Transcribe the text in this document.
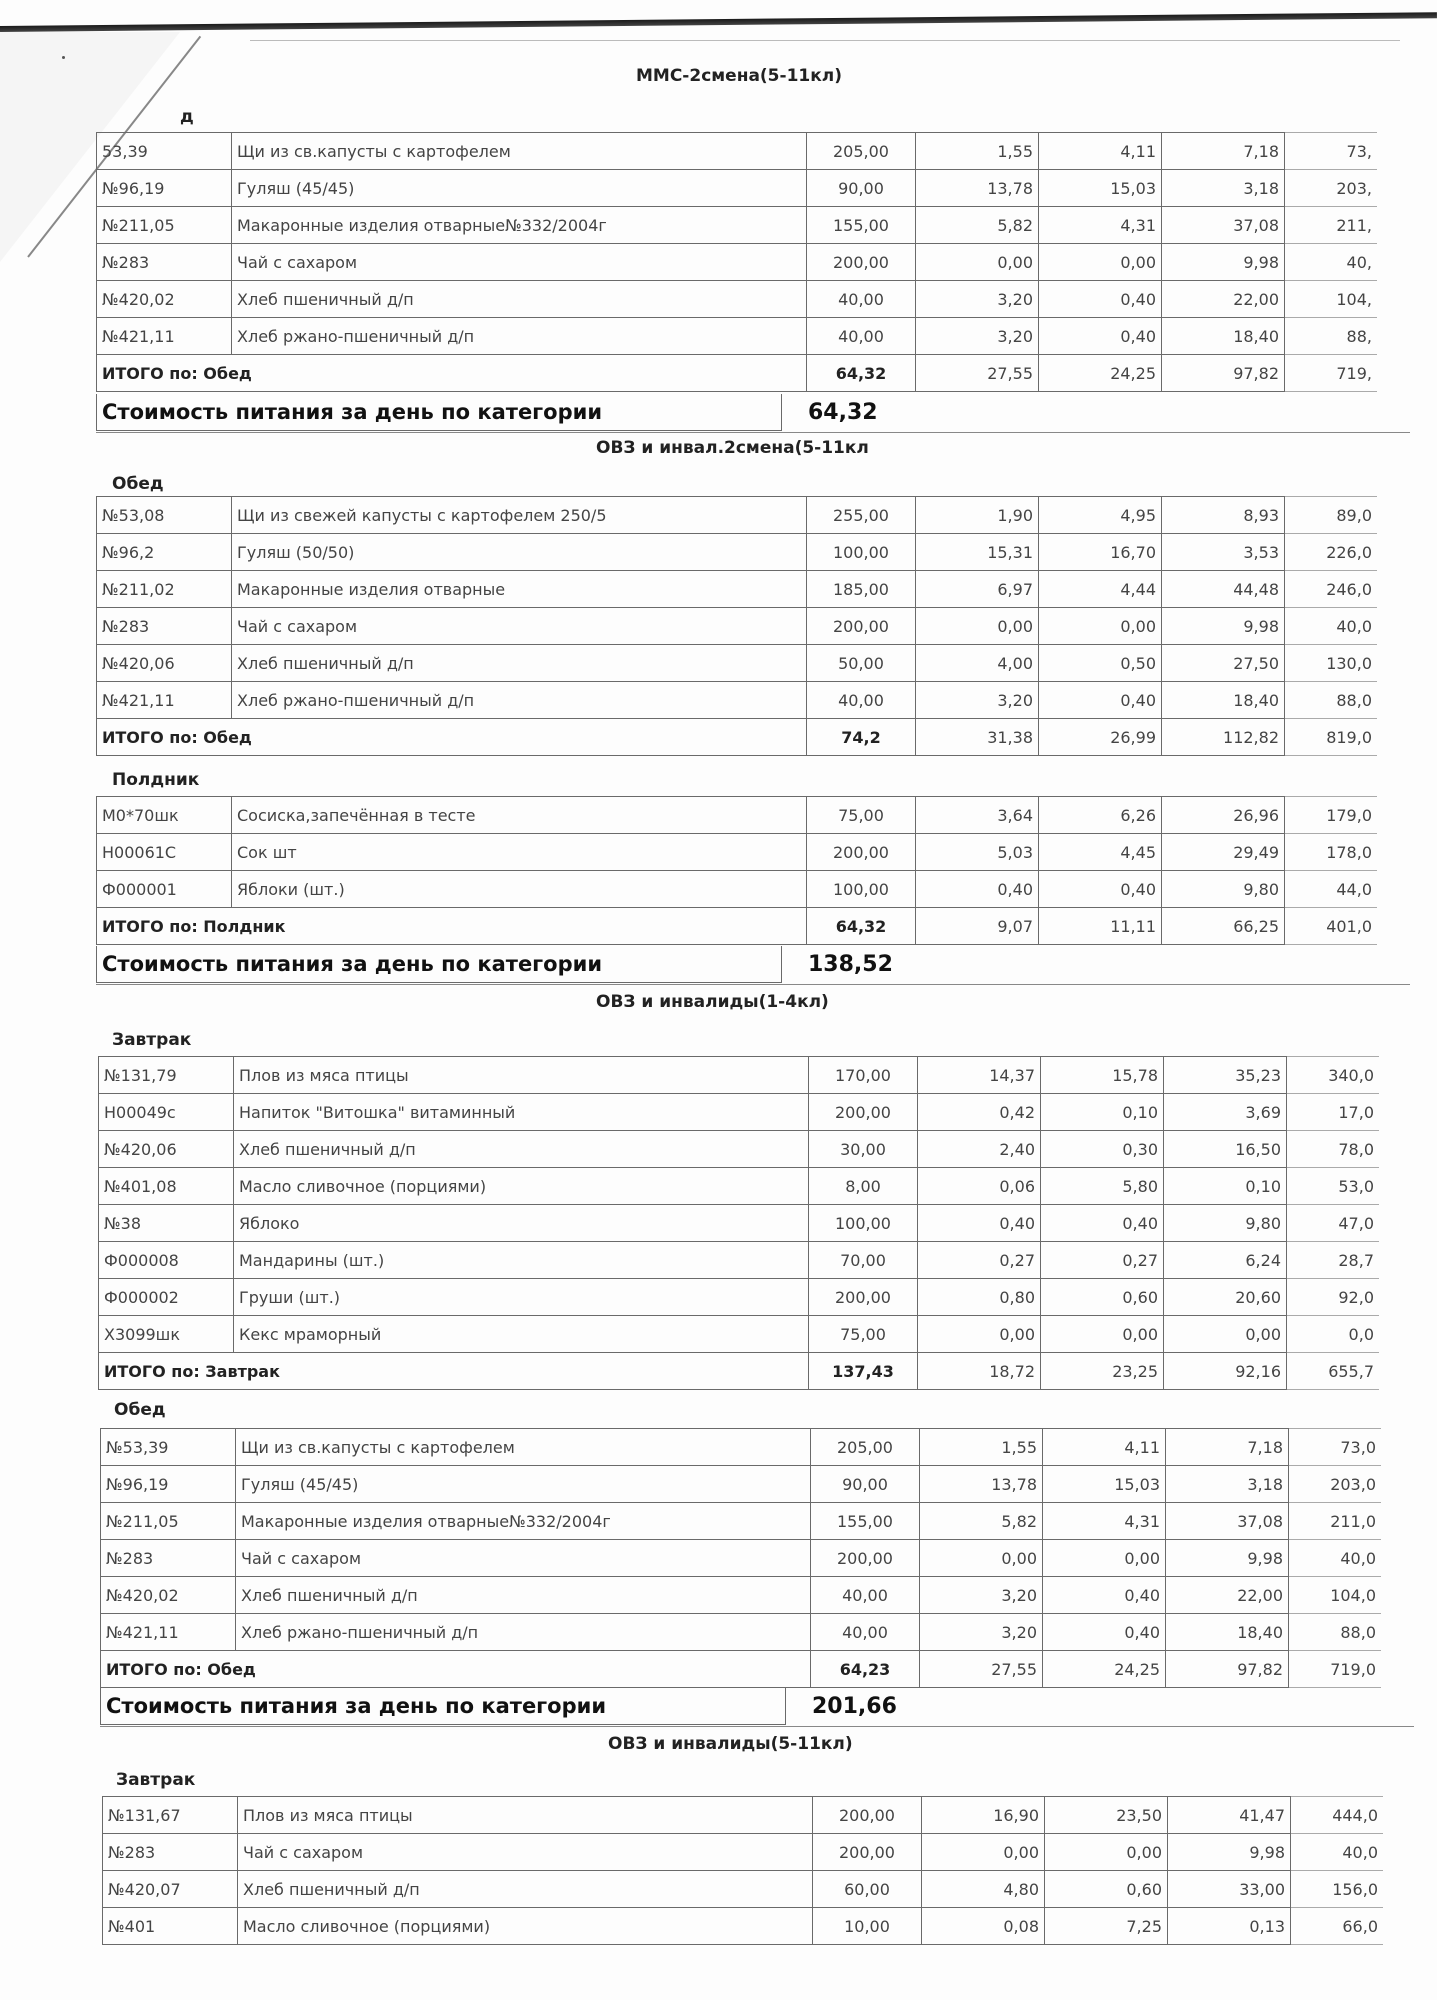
ММС-2смена(5-11кл)
д
53,39	Щи из св.капусты с картофелем	205,00	1,55	4,11	7,18	73,
№96,19	Гуляш (45/45)	90,00	13,78	15,03	3,18	203,
№211,05	Макаронные изделия отварные№332/2004г	155,00	5,82	4,31	37,08	211,
№283	Чай с сахаром	200,00	0,00	0,00	9,98	40,
№420,02	Хлеб пшеничный д/п	40,00	3,20	0,40	22,00	104,
№421,11	Хлеб ржано-пшеничный д/п	40,00	3,20	0,40	18,40	88,
ИТОГО по: Обед		64,32	27,55	24,25	97,82	719,
Стоимость питания за день по категории	64,32
ОВЗ и инвал.2смена(5-11кл
Обед
№53,08	Щи из свежей капусты с картофелем 250/5	255,00	1,90	4,95	8,93	89,0
№96,2	Гуляш (50/50)	100,00	15,31	16,70	3,53	226,0
№211,02	Макаронные изделия отварные	185,00	6,97	4,44	44,48	246,0
№283	Чай с сахаром	200,00	0,00	0,00	9,98	40,0
№420,06	Хлеб пшеничный д/п	50,00	4,00	0,50	27,50	130,0
№421,11	Хлеб ржано-пшеничный д/п	40,00	3,20	0,40	18,40	88,0
ИТОГО по: Обед		74,2	31,38	26,99	112,82	819,0
Полдник
М0*70шк	Сосиска,запечённая в тесте	75,00	3,64	6,26	26,96	179,0
Н00061С	Сок шт	200,00	5,03	4,45	29,49	178,0
Ф000001	Яблоки (шт.)	100,00	0,40	0,40	9,80	44,0
ИТОГО по: Полдник		64,32	9,07	11,11	66,25	401,0
Стоимость питания за день по категории	138,52
ОВЗ и инвалиды(1-4кл)
Завтрак
№131,79	Плов из мяса птицы	170,00	14,37	15,78	35,23	340,0
Н00049с	Напиток "Витошка" витаминный	200,00	0,42	0,10	3,69	17,0
№420,06	Хлеб пшеничный д/п	30,00	2,40	0,30	16,50	78,0
№401,08	Масло сливочное (порциями)	8,00	0,06	5,80	0,10	53,0
№38	Яблоко	100,00	0,40	0,40	9,80	47,0
Ф000008	Мандарины (шт.)	70,00	0,27	0,27	6,24	28,7
Ф000002	Груши (шт.)	200,00	0,80	0,60	20,60	92,0
Х3099шк	Кекс мраморный	75,00	0,00	0,00	0,00	0,0
ИТОГО по: Завтрак		137,43	18,72	23,25	92,16	655,7
Обед
№53,39	Щи из св.капусты с картофелем	205,00	1,55	4,11	7,18	73,0
№96,19	Гуляш (45/45)	90,00	13,78	15,03	3,18	203,0
№211,05	Макаронные изделия отварные№332/2004г	155,00	5,82	4,31	37,08	211,0
№283	Чай с сахаром	200,00	0,00	0,00	9,98	40,0
№420,02	Хлеб пшеничный д/п	40,00	3,20	0,40	22,00	104,0
№421,11	Хлеб ржано-пшеничный д/п	40,00	3,20	0,40	18,40	88,0
ИТОГО по: Обед		64,23	27,55	24,25	97,82	719,0
Стоимость питания за день по категории	201,66
ОВЗ и инвалиды(5-11кл)
Завтрак
№131,67	Плов из мяса птицы	200,00	16,90	23,50	41,47	444,0
№283	Чай с сахаром	200,00	0,00	0,00	9,98	40,0
№420,07	Хлеб пшеничный д/п	60,00	4,80	0,60	33,00	156,0
№401	Масло сливочное (порциями)	10,00	0,08	7,25	0,13	66,0
